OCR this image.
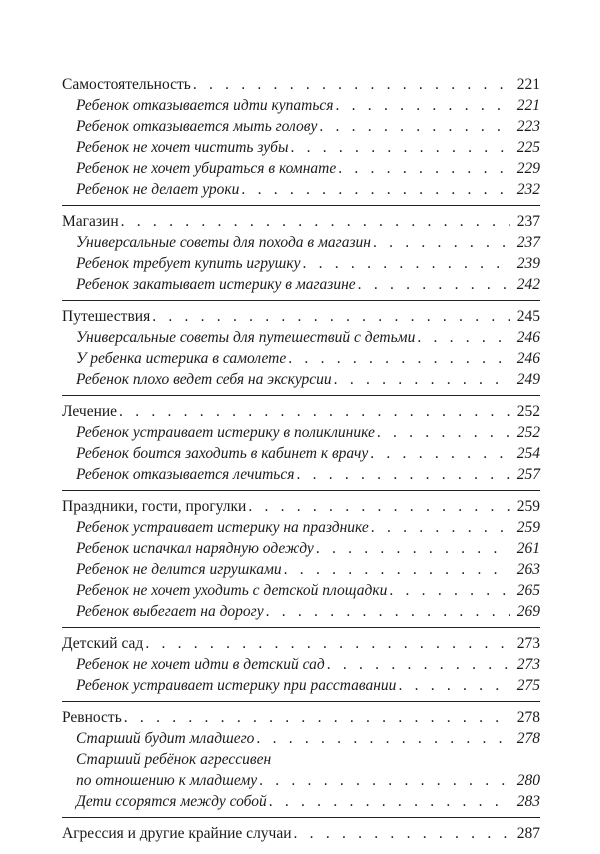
Самостоятельность . . .	221
Ребенок отказывается идти купаться . . .	221
Ребенок отказывается мыть голову . . .	223
Ребенок не хочет чистить зубы . . .	225
Ребенок не хочет убираться в комнате . . .	229
Ребенок не делает уроки . . .	232
Магазин . . .	237
Универсальные советы для похода в магазин . . .	237
Ребенок требует купить игрушку . . .	239
Ребенок закатывает истерику в магазине . . .	242
Путешествия . . .	245
Универсальные советы для путешествий с детьми . . .	246
У ребенка истерика в самолете . . .	246
Ребенок плохо ведет себя на экскурсии . . .	249
Лечение . . .	252
Ребенок устраивает истерику в поликлинике . . .	252
Ребенок боится заходить в кабинет к врачу . . .	254
Ребенок отказывается лечиться . . .	257
Праздники, гости, прогулки . . .	259
Ребенок устраивает истерику на празднике . . .	259
Ребенок испачкал нарядную одежду . . .	261
Ребенок не делится игрушками . . .	263
Ребенок не хочет уходить с детской площадки . . .	265
Ребенок выбегает на дорогу . . .	269
Детский сад . . .	273
Ребенок не хочет идти в детский сад . . .	273
Ребенок устраивает истерику при расставании . . .	275
Ревность . . .	278
Старший будит младшего . . .	278
Старший ребёнок агрессивен
по отношению к младшему . . .	280
Дети ссорятся между собой . . .	283
Агрессия и другие крайние случаи . . .	287
